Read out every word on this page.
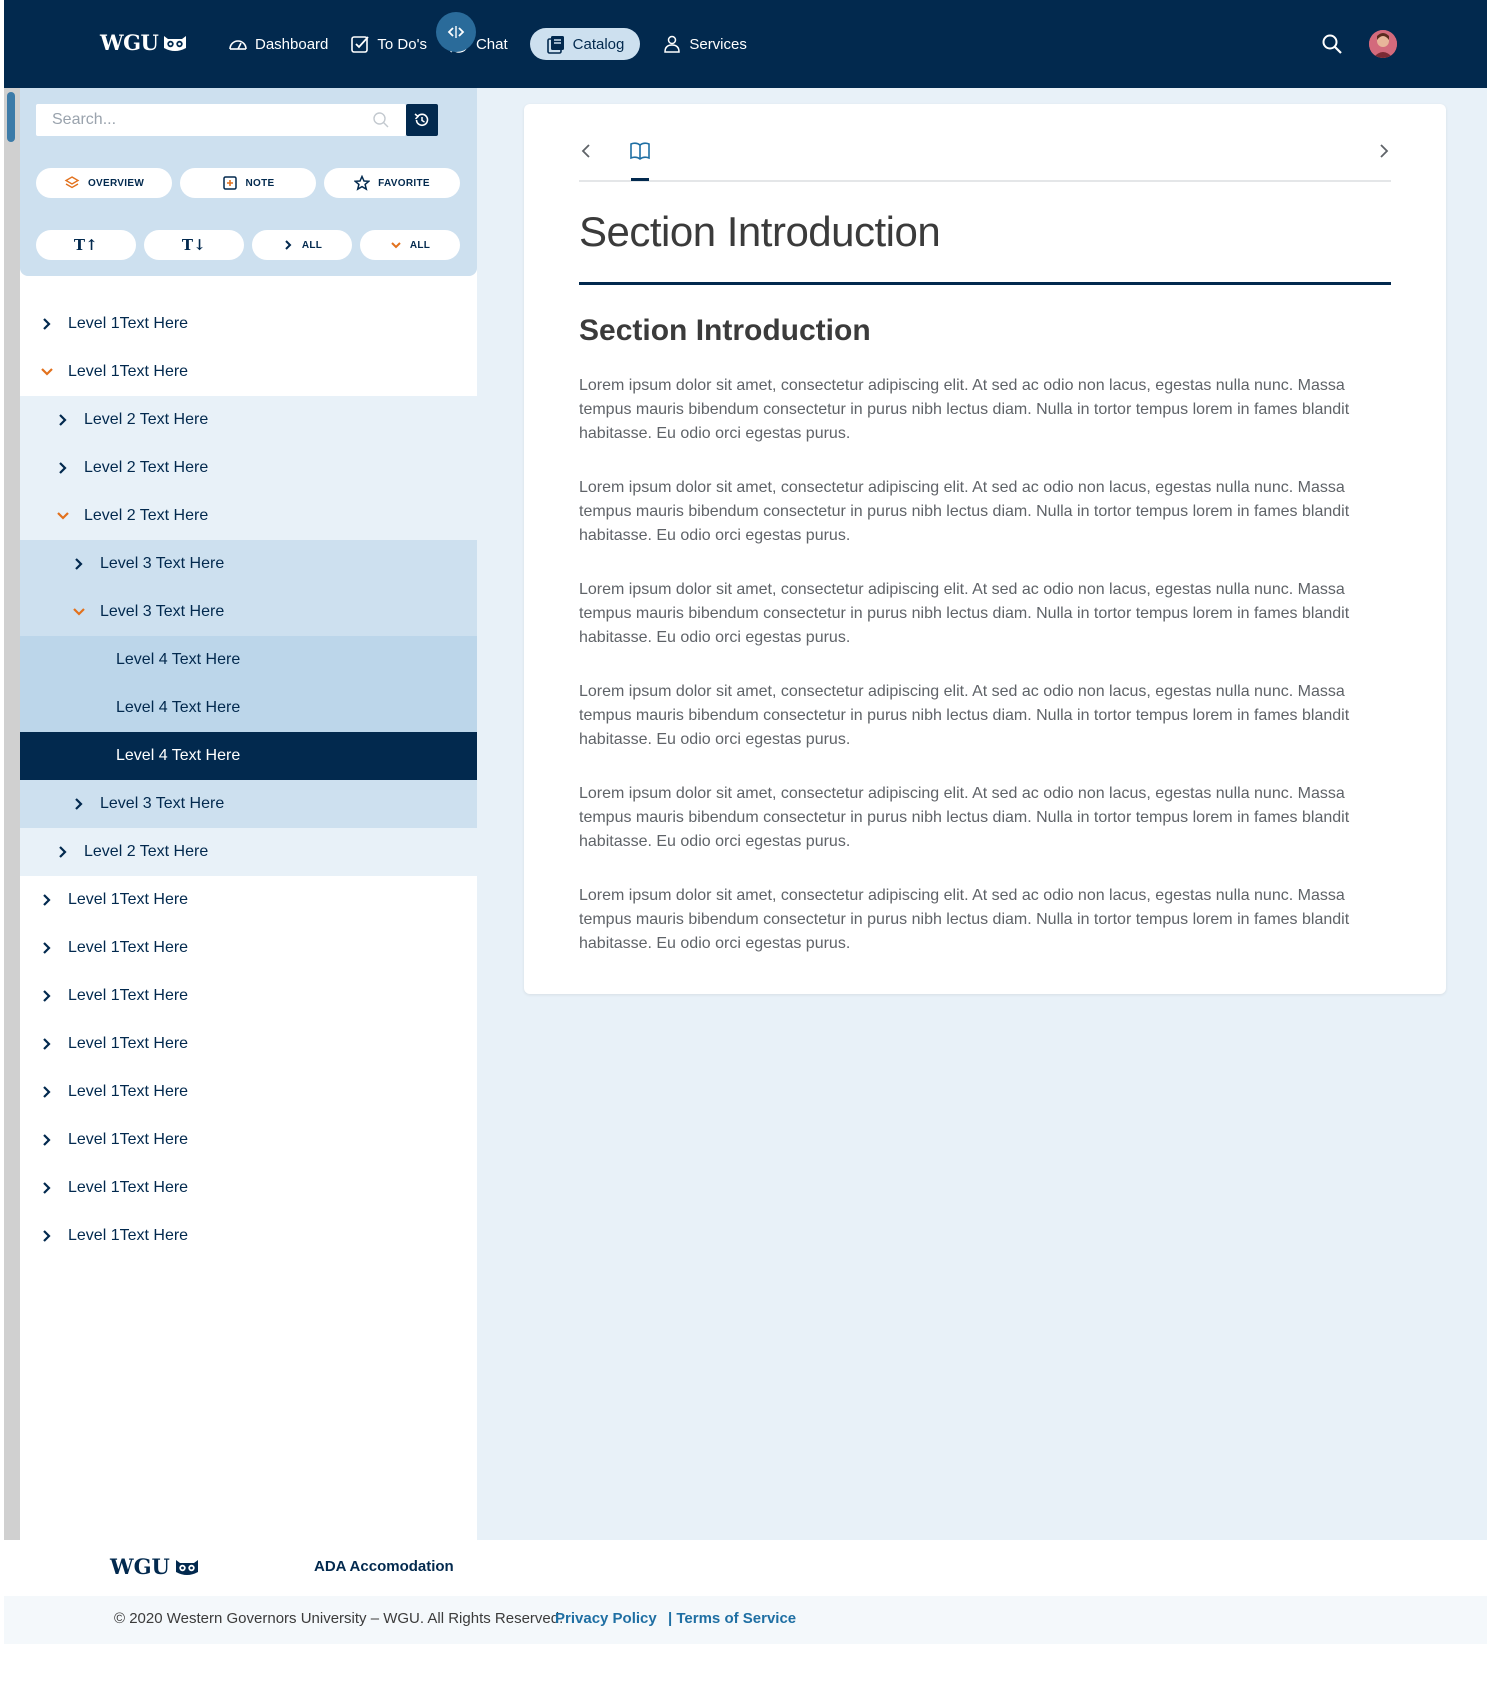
WGU	Dashboard	To Do's	Chat	Catalog	Services
Search...
OVERVIEW	NOTE	FAVORITE
T↑	T↓	ALL	ALL
Level 1Text Here
Level 1Text Here
Level 2 Text Here
Level 2 Text Here
Level 2 Text Here
Level 3 Text Here
Level 3 Text Here
Level 4 Text Here
Level 4 Text Here
Level 4 Text Here
Level 3 Text Here
Level 2 Text Here
Level 1Text Here
Level 1Text Here
Level 1Text Here
Level 1Text Here
Level 1Text Here
Level 1Text Here
Level 1Text Here
Level 1Text Here
Section Introduction
Section Introduction
Lorem ipsum dolor sit amet, consectetur adipiscing elit. At sed ac odio non lacus, egestas nulla nunc. Massa tempus mauris bibendum consectetur in purus nibh lectus diam. Nulla in tortor tempus lorem in fames blandit habitasse. Eu odio orci egestas purus.
Lorem ipsum dolor sit amet, consectetur adipiscing elit. At sed ac odio non lacus, egestas nulla nunc. Massa tempus mauris bibendum consectetur in purus nibh lectus diam. Nulla in tortor tempus lorem in fames blandit habitasse. Eu odio orci egestas purus.
Lorem ipsum dolor sit amet, consectetur adipiscing elit. At sed ac odio non lacus, egestas nulla nunc. Massa tempus mauris bibendum consectetur in purus nibh lectus diam. Nulla in tortor tempus lorem in fames blandit habitasse. Eu odio orci egestas purus.
Lorem ipsum dolor sit amet, consectetur adipiscing elit. At sed ac odio non lacus, egestas nulla nunc. Massa tempus mauris bibendum consectetur in purus nibh lectus diam. Nulla in tortor tempus lorem in fames blandit habitasse. Eu odio orci egestas purus.
Lorem ipsum dolor sit amet, consectetur adipiscing elit. At sed ac odio non lacus, egestas nulla nunc. Massa tempus mauris bibendum consectetur in purus nibh lectus diam. Nulla in tortor tempus lorem in fames blandit habitasse. Eu odio orci egestas purus.
Lorem ipsum dolor sit amet, consectetur adipiscing elit. At sed ac odio non lacus, egestas nulla nunc. Massa tempus mauris bibendum consectetur in purus nibh lectus diam. Nulla in tortor tempus lorem in fames blandit habitasse. Eu odio orci egestas purus.
WGU	ADA Accomodation
© 2020 Western Governors University – WGU. All Rights Reserved.
Privacy Policy | Terms of Service
